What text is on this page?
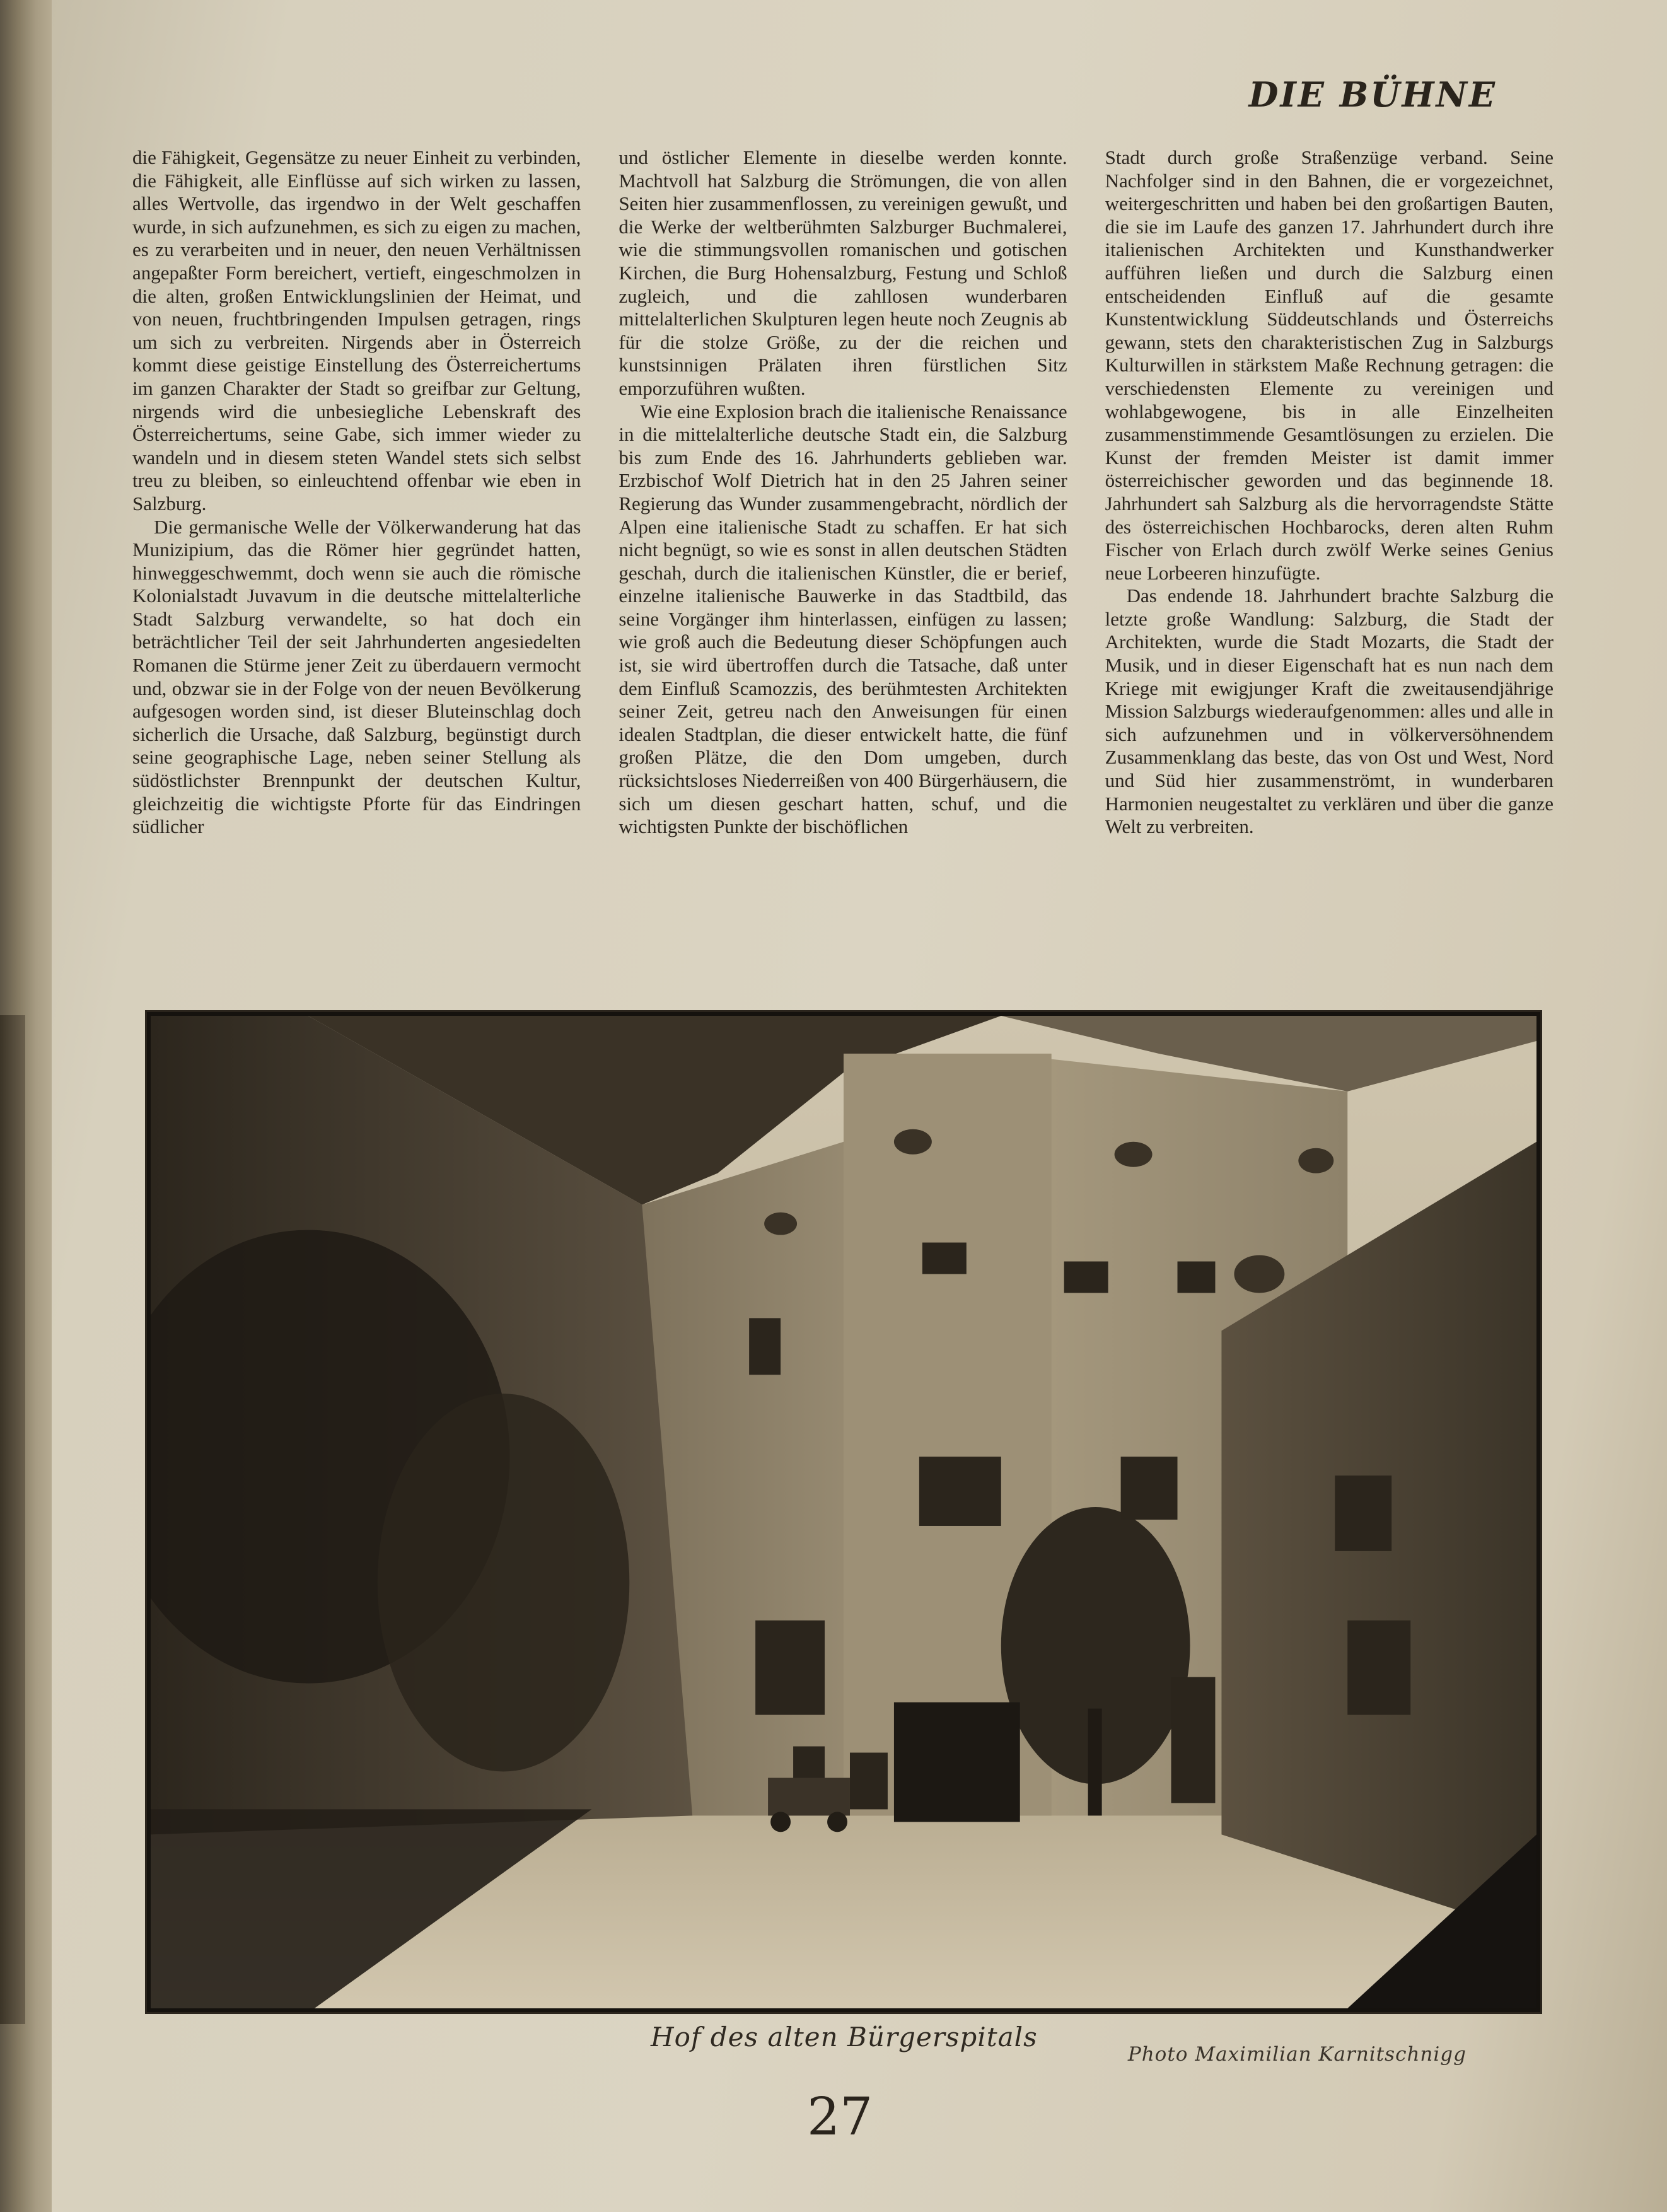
DIE BÜHNE

die Fähigkeit, Gegensätze zu neuer Einheit zu verbinden, die Fähigkeit, alle Einflüsse auf sich wirken zu lassen, alles Wertvolle, das irgendwo in der Welt geschaffen wurde, in sich aufzunehmen, es sich zu eigen zu machen, es zu verarbeiten und in neuer, den neuen Verhältnissen angepaßter Form bereichert, vertieft, eingeschmolzen in die alten, großen Entwicklungslinien der Heimat, und von neuen, fruchtbringenden Impulsen getragen, rings um sich zu verbreiten. Nirgends aber in Österreich kommt diese geistige Einstellung des Österreichertums im ganzen Charakter der Stadt so greifbar zur Geltung, nirgends wird die unbesiegliche Lebenskraft des Österreichertums, seine Gabe, sich immer wieder zu wandeln und in diesem steten Wandel stets sich selbst treu zu bleiben, so einleuchtend offenbar wie eben in Salzburg.

Die germanische Welle der Völkerwanderung hat das Munizipium, das die Römer hier gegründet hatten, hinweggeschwemmt, doch wenn sie auch die römische Kolonialstadt Juvavum in die deutsche mittelalterliche Stadt Salzburg verwandelte, so hat doch ein beträchtlicher Teil der seit Jahrhunderten angesiedelten Romanen die Stürme jener Zeit zu überdauern vermocht und, obzwar sie in der Folge von der neuen Bevölkerung aufgesogen worden sind, ist dieser Bluteinschlag doch sicherlich die Ursache, daß Salzburg, begünstigt durch seine geographische Lage, neben seiner Stellung als südöstlichster Brennpunkt der deutschen Kultur, gleichzeitig die wichtigste Pforte für das Eindringen südlicher

und östlicher Elemente in dieselbe werden konnte. Machtvoll hat Salzburg die Strömungen, die von allen Seiten hier zusammenflossen, zu vereinigen gewußt, und die Werke der weltberühmten Salzburger Buchmalerei, wie die stimmungsvollen romanischen und gotischen Kirchen, die Burg Hohensalzburg, Festung und Schloß zugleich, und die zahllosen wunderbaren mittelalterlichen Skulpturen legen heute noch Zeugnis ab für die stolze Größe, zu der die reichen und kunstsinnigen Prälaten ihren fürstlichen Sitz emporzuführen wußten.

Wie eine Explosion brach die italienische Renaissance in die mittelalterliche deutsche Stadt ein, die Salzburg bis zum Ende des 16. Jahrhunderts geblieben war. Erzbischof Wolf Dietrich hat in den 25 Jahren seiner Regierung das Wunder zusammengebracht, nördlich der Alpen eine italienische Stadt zu schaffen. Er hat sich nicht begnügt, so wie es sonst in allen deutschen Städten geschah, durch die italienischen Künstler, die er berief, einzelne italienische Bauwerke in das Stadtbild, das seine Vorgänger ihm hinterlassen, einfügen zu lassen; wie groß auch die Bedeutung dieser Schöpfungen auch ist, sie wird übertroffen durch die Tatsache, daß unter dem Einfluß Scamozzis, des berühmtesten Architekten seiner Zeit, getreu nach den Anweisungen für einen idealen Stadtplan, die dieser entwickelt hatte, die fünf großen Plätze, die den Dom umgeben, durch rücksichtsloses Niederreißen von 400 Bürgerhäusern, die sich um diesen geschart hatten, schuf, und die wichtigsten Punkte der bischöflichen

Stadt durch große Straßenzüge verband. Seine Nachfolger sind in den Bahnen, die er vorgezeichnet, weitergeschritten und haben bei den großartigen Bauten, die sie im Laufe des ganzen 17. Jahrhundert durch ihre italienischen Architekten und Kunsthandwerker aufführen ließen und durch die Salzburg einen entscheidenden Einfluß auf die gesamte Kunstentwicklung Süddeutschlands und Österreichs gewann, stets den charakteristischen Zug in Salzburgs Kulturwillen in stärkstem Maße Rechnung getragen: die verschiedensten Elemente zu vereinigen und wohlabgewogene, bis in alle Einzelheiten zusammenstimmende Gesamtlösungen zu erzielen. Die Kunst der fremden Meister ist damit immer österreichischer geworden und das beginnende 18. Jahrhundert sah Salzburg als die hervorragendste Stätte des österreichischen Hochbarocks, deren alten Ruhm Fischer von Erlach durch zwölf Werke seines Genius neue Lorbeeren hinzufügte.

Das endende 18. Jahrhundert brachte Salzburg die letzte große Wandlung: Salzburg, die Stadt der Architekten, wurde die Stadt Mozarts, die Stadt der Musik, und in dieser Eigenschaft hat es nun nach dem Kriege mit ewigjunger Kraft die zweitausendjährige Mission Salzburgs wiederaufgenommen: alles und alle in sich aufzunehmen und in völkerversöhnendem Zusammenklang das beste, das von Ost und West, Nord und Süd hier zusammenströmt, in wunderbaren Harmonien neugestaltet zu verklären und über die ganze Welt zu verbreiten.

Hof des alten Bürgerspitals

Photo Maximilian Karnitschnigg

27
